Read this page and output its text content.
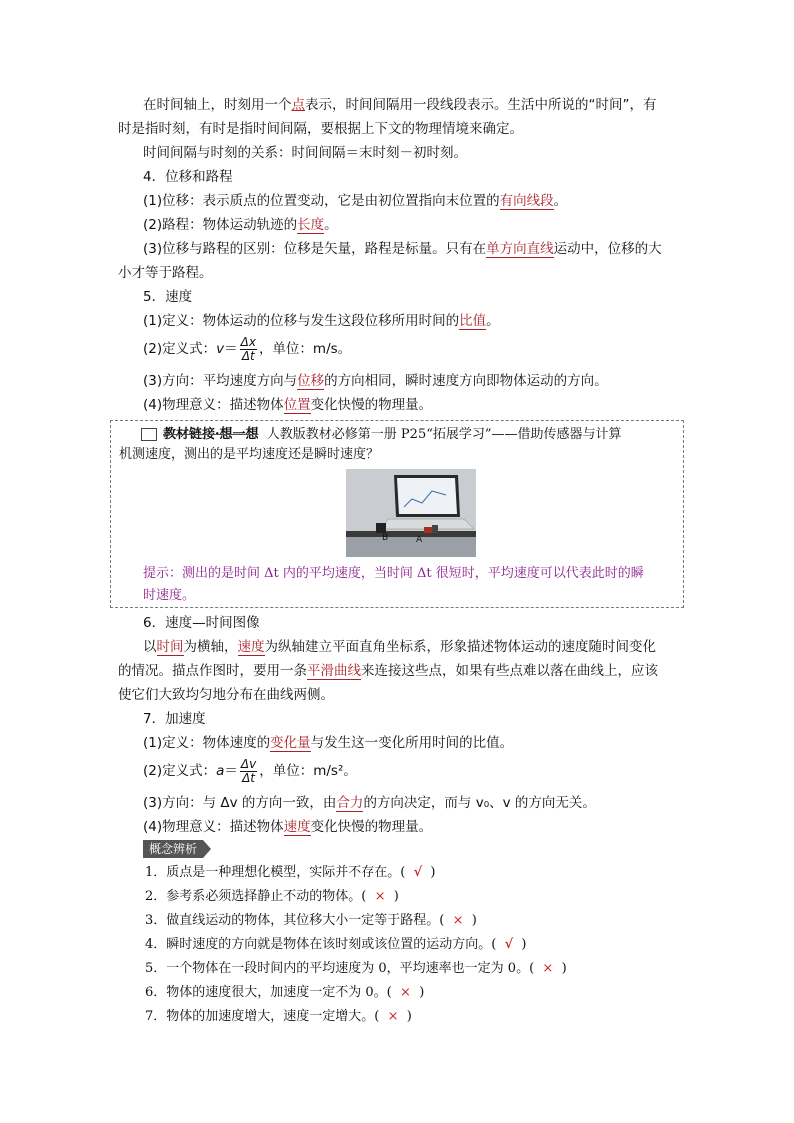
在时间轴上，时刻用一个点表示，时间间隔用一段线段表示。生活中所说的“时间”，有
时是指时刻，有时是指时间间隔，要根据上下文的物理情境来确定。
时间间隔与时刻的关系：时间间隔＝末时刻－初时刻。
4．位移和路程
(1)位移：表示质点的位置变动，它是由初位置指向末位置的有向线段。
(2)路程：物体运动轨迹的长度。
(3)位移与路程的区别：位移是矢量，路程是标量。只有在单方向直线运动中，位移的大
小才等于路程。
5．速度
(1)定义：物体运动的位移与发生这段位移所用时间的比值。
(2)定义式：$v= \frac{\Delta x}{\Delta t}$ ，单位：m/s。
(3)方向：平均速度方向与位移的方向相同，瞬时速度方向即物体运动的方向。
(4)物理意义：描述物体位置变化快慢的物理量。
教材链接·想一想 人教版教材必修第一册 P25“拓展学习”——借助传感器与计算
机测速度，测出的是平均速度还是瞬时速度？
B	A
提示：测出的是时间 Δt 内的平均速度，当时间 Δt 很短时，平均速度可以代表此时的瞬
时速度。
6．速度—时间图像
以时间为横轴，速度为纵轴建立平面直角坐标系，形象描述物体运动的速度随时间变化
的情况。描点作图时，要用一条平滑曲线来连接这些点，如果有些点难以落在曲线上，应该
使它们大致均匀地分布在曲线两侧。
7．加速度
(1)定义：物体速度的变化量与发生这一变化所用时间的比值。
(2)定义式：$a= \frac{\Delta v}{\Delta t}$ ，单位：m/s²。
(3)方向：与 Δv 的方向一致，由合力的方向决定，而与 v₀、v 的方向无关。
(4)物理意义：描述物体速度变化快慢的物理量。
概念辨析
1．质点是一种理想化模型，实际并不存在。( √ )
2．参考系必须选择静止不动的物体。( × )
3．做直线运动的物体，其位移大小一定等于路程。( × )
4．瞬时速度的方向就是物体在该时刻或该位置的运动方向。( √ )
5．一个物体在一段时间内的平均速度为 0，平均速率也一定为 0。( × )
6．物体的速度很大，加速度一定不为 0。( × )
7．物体的加速度增大，速度一定增大。( × )
